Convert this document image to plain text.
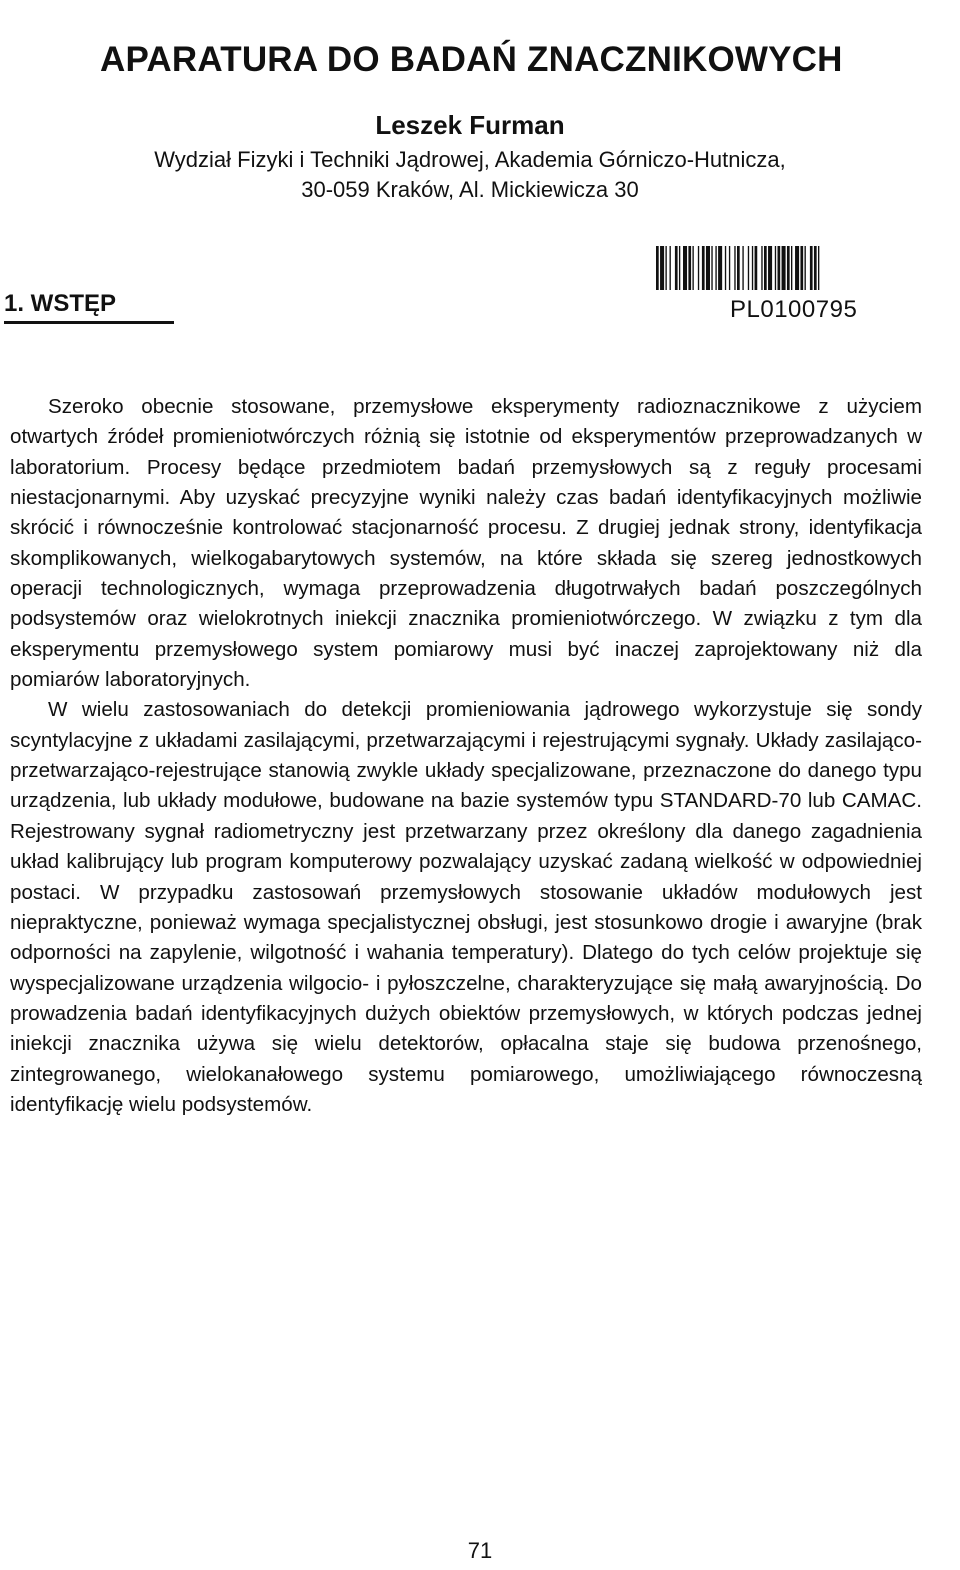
APARATURA DO BADAŃ ZNACZNIKOWYCH
Leszek Furman
Wydział Fizyki i Techniki Jądrowej, Akademia Górniczo-Hutnicza,
30-059 Kraków, Al. Mickiewicza 30
PL0100795
1. WSTĘP

Szeroko obecnie stosowane, przemysłowe eksperymenty radioznacznikowe z użyciem otwartych źródeł promieniotwórczych różnią się istotnie od eksperymentów przeprowadzanych w laboratorium. Procesy będące przedmiotem badań przemysłowych są z reguły procesami niestacjonarnymi. Aby uzyskać precyzyjne wyniki należy czas badań identyfikacyjnych możliwie skrócić i równocześnie kontrolować stacjonarność procesu. Z drugiej jednak strony, identyfikacja skomplikowanych, wielkogabarytowych systemów, na które składa się szereg jednostkowych operacji technologicznych, wymaga przeprowadzenia długotrwałych badań poszczególnych podsystemów oraz wielokrotnych iniekcji znacznika promieniotwórczego. W związku z tym dla eksperymentu przemysłowego system pomiarowy musi być inaczej zaprojektowany niż dla pomiarów laboratoryjnych.

W wielu zastosowaniach do detekcji promieniowania jądrowego wykorzystuje się sondy scyntylacyjne z układami zasilającymi, przetwarzającymi i rejestrującymi sygnały. Układy zasilająco-przetwarzająco-rejestrujące stanowią zwykle układy specjalizowane, przeznaczone do danego typu urządzenia, lub układy modułowe, budowane na bazie systemów typu STANDARD-70 lub CAMAC. Rejestrowany sygnał radiometryczny jest przetwarzany przez określony dla danego zagadnienia układ kalibrujący lub program komputerowy pozwalający uzyskać zadaną wielkość w odpowiedniej postaci. W przypadku zastosowań przemysłowych stosowanie układów modułowych jest niepraktyczne, ponieważ wymaga specjalistycznej obsługi, jest stosunkowo drogie i awaryjne (brak odporności na zapylenie, wilgotność i wahania temperatury). Dlatego do tych celów projektuje się wyspecjalizowane urządzenia wilgocio- i pyłoszczelne, charakteryzujące się małą awaryjnością. Do prowadzenia badań identyfikacyjnych dużych obiektów przemysłowych, w których podczas jednej iniekcji znacznika używa się wielu detektorów, opłacalna staje się budowa przenośnego, zintegrowanego, wielokanałowego systemu pomiarowego, umożliwiającego równoczesną identyfikację wielu podsystemów.

71
